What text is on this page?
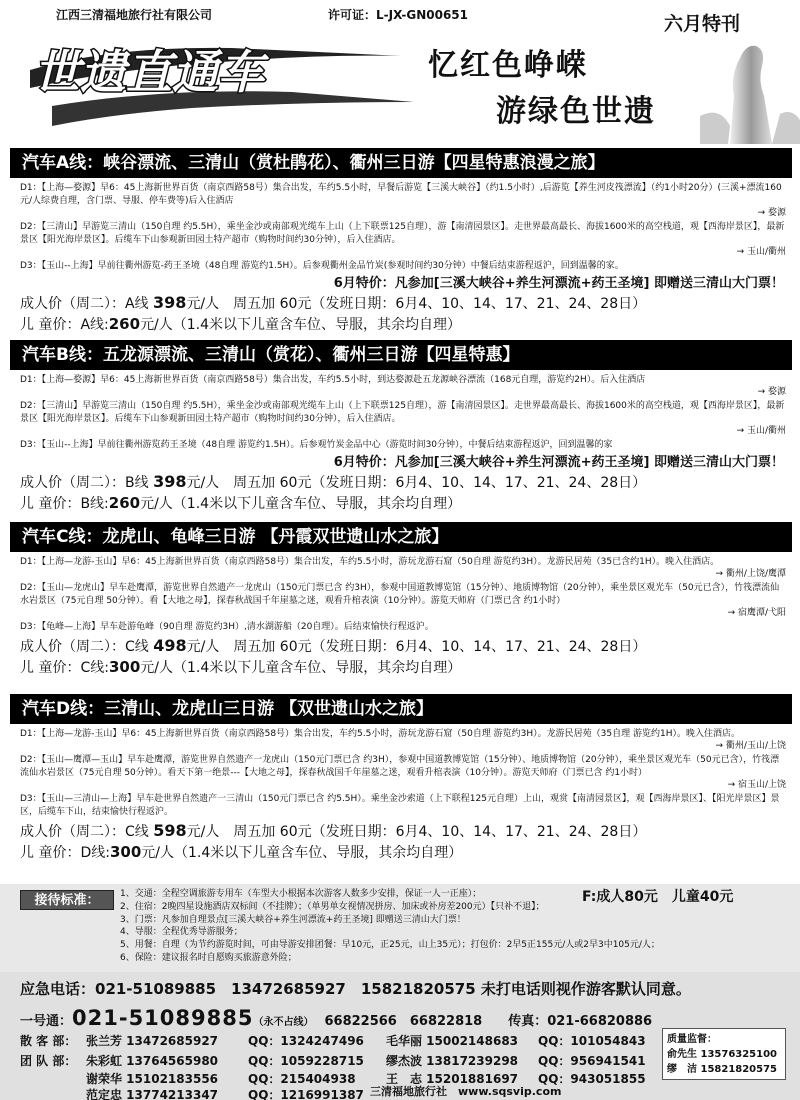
江西三清福地旅行社有限公司	许可证：L-JX-GN00651	六月特刊
世遗直通车	忆红色峥嵘
游绿色世遗
汽车A线：峡谷漂流、三清山（赏杜鹃花）、衢州三日游【四星特惠浪漫之旅】
D1：【上海—婺源】早6：45上海新世界百货（南京西路58号）集合出发，车约5.5小时，早餐后游览【三溪大峡谷】（约1.5小时）,后游览【养生河皮筏漂流】（约1小时20分）(三溪+漂流160元/人综费自理，含门票、导服、停车费等)后入住酒店
→ 婺源
D2：【三清山】早游览三清山（150自理 约5.5H），乘坐金沙或南部观光缆车上山（上下联票125自理），游【南清园景区】。走世界最高最长、海拔1600米的高空栈道，观【西海岸景区】，最新景区【阳光海岸景区】。后缆车下山参观新田园土特产超市（购物时间约30分钟），后入住酒店。
→ 玉山/衢州
D3：【玉山--上海】早前往衢州游览-药王圣境（48自理 游览约1.5H）。后参观衢州金品竹炭(参观时间约30分钟）中餐后结束游程返沪，回到温馨的家。
6月特价：凡参加[三溪大峡谷+养生河漂流+药王圣境] 即赠送三清山大门票！
成人价（周二）：A线 398元/人　周五加 60元（发班日期：6月4、10、14、17、21、24、28日）
儿 童价：A线:260元/人（1.4米以下儿童含车位、导服，其余均自理）
汽车B线：五龙源漂流、三清山（赏花）、衢州三日游【四星特惠】
D1：【上海—婺源】早6：45上海新世界百货（南京西路58号）集合出发，车约5.5小时，到达婺源赴五龙源峡谷漂流（168元自理，游览约2H）。后入住酒店
→ 婺源
D2：【三清山】早游览三清山（150自理 约5.5H），乘坐金沙或南部观光缆车上山（上下联票125自理），游【南清园景区】。走世界最高最长、海拔1600米的高空栈道，观【西海岸景区】，最新景区【阳光海岸景区】。后缆车下山参观新田园土特产超市（购物时间约30分钟），后入住酒店。
→ 玉山/衢州
D3：【玉山--上海】早前往衢州游览药王圣境（48自理 游览约1.5H）。后参观竹炭金品中心（游览时间30分钟），中餐后结束游程返沪，回到温馨的家
6月特价：凡参加[三溪大峡谷+养生河漂流+药王圣境] 即赠送三清山大门票！
成人价（周二）：B线 398元/人　周五加 60元（发班日期：6月4、10、14、17、21、24、28日）
儿 童价：B线:260元/人（1.4米以下儿童含车位、导服，其余均自理）
汽车C线：龙虎山、龟峰三日游 【丹霞双世遗山水之旅】
D1：【上海—龙游-玉山】早6：45上海新世界百货（南京西路58号）集合出发，车约5.5小时，游玩龙游石窟（50自理 游览约3H）。龙游民居苑（35已含约1H）。晚入住酒店。
→ 衢州/上饶/鹰潭
D2：【玉山—龙虎山】早车赴鹰潭，游览世界自然遗产一龙虎山（150元门票已含 约3H），参观中国道教博览馆（15分钟）、地质博物馆（20分钟），乘坐景区观光车（50元已含），竹筏漂流仙水岩景区（75元自理 50分钟）。看【大地之母】，探春秋战国千年崖墓之迷，观看升棺表演（10分钟）。游览天师府（门票已含 约1小时）
→ 宿鹰潭/弋阳
D3：【龟峰—上海】早车赴游龟峰（90自理 游览约3H）,清水湖游船（20自理）。后结束愉快行程返沪。
成人价（周二）：C线 498元/人　周五加 60元（发班日期：6月4、10、14、17、21、24、28日）
儿 童价：C线:300元/人（1.4米以下儿童含车位、导服，其余均自理）
汽车D线：三清山、龙虎山三日游 【双世遗山水之旅】
D1：【上海—龙游-玉山】早6：45上海新世界百货（南京西路58号）集合出发，车约5.5小时，游玩龙游石窟（50自理 游览约3H）。龙游民居苑（35自理 游览约1H）。晚入住酒店。
→ 衢州/玉山/上饶
D2：【玉山—鹰潭—玉山】早车赴鹰潭，游览世界自然遗产一龙虎山（150元门票已含 约3H），参观中国道教博览馆（15分钟）、地质博物馆（20分钟），乘坐景区观光车（50元已含），竹筏漂流仙水岩景区（75元自理 50分钟）。看天下第一绝景---【大地之母】，探春秋战国千年崖墓之迷，观看升棺表演（10分钟）。游览天师府（门票已含 约1小时）
→ 宿玉山/上饶
D3：【玉山—三清山—上海】早车赴世界自然遗产一三清山（150元门票已含 约5.5H）。乘坐金沙索道（上下联程125元自理）上山，观赏【南清园景区】，观【西海岸景区】、【阳光岸景区】景区，后缆车下山，结束愉快行程返沪。
成人价（周二）：C线 598元/人　周五加 60元（发班日期：6月4、10、14、17、21、24、28日）
儿 童价：D线:300元/人（1.4米以下儿童含车位、导服，其余均自理）
接待标准：	1、交通：全程空调旅游专用车（车型大小根据本次游客人数多少安排，保证一人一正座）；
2、住宿：2晚四星设施酒店双标间（不挂牌）；（单男单女视情况拼房、加床或补房差200元）【只补不退】；
3、门票：凡参加自理景点[三溪大峡谷+养生河漂流+药王圣境] 即赠送三清山大门票！
4、导服：全程优秀导游服务；
5、用餐：自理（为节约游览时间，可由导游安排团餐：早10元，正25元，山上35元）；打包价：2早5正155元/人或2早3中105元/人；
6、保险：建议报名时自愿购买旅游意外险；
F:成人80元　儿童40元
应急电话：021-51089885　13472685927　15821820575 未打电话则视作游客默认同意。
一号通：021-51089885（永不占线）　 66822566　66822818　　传真：021-66820886
散 客 部： 张兰芳 13472685927 QQ：1324247496 毛华丽 15002148683 QQ：101054843
团 队 部： 朱彩虹 13764565980 QQ：1059228715 缪杰波 13817239298 QQ：956941541
谢荣华 15102183556 QQ：215404938	王　志 15201881697 QQ：943051855
范定忠 13774213347 QQ：1216991387
质量监督：
俞先生 13576325100
缪　洁 15821820575
三清福地旅行社　www.sqsvip.com
